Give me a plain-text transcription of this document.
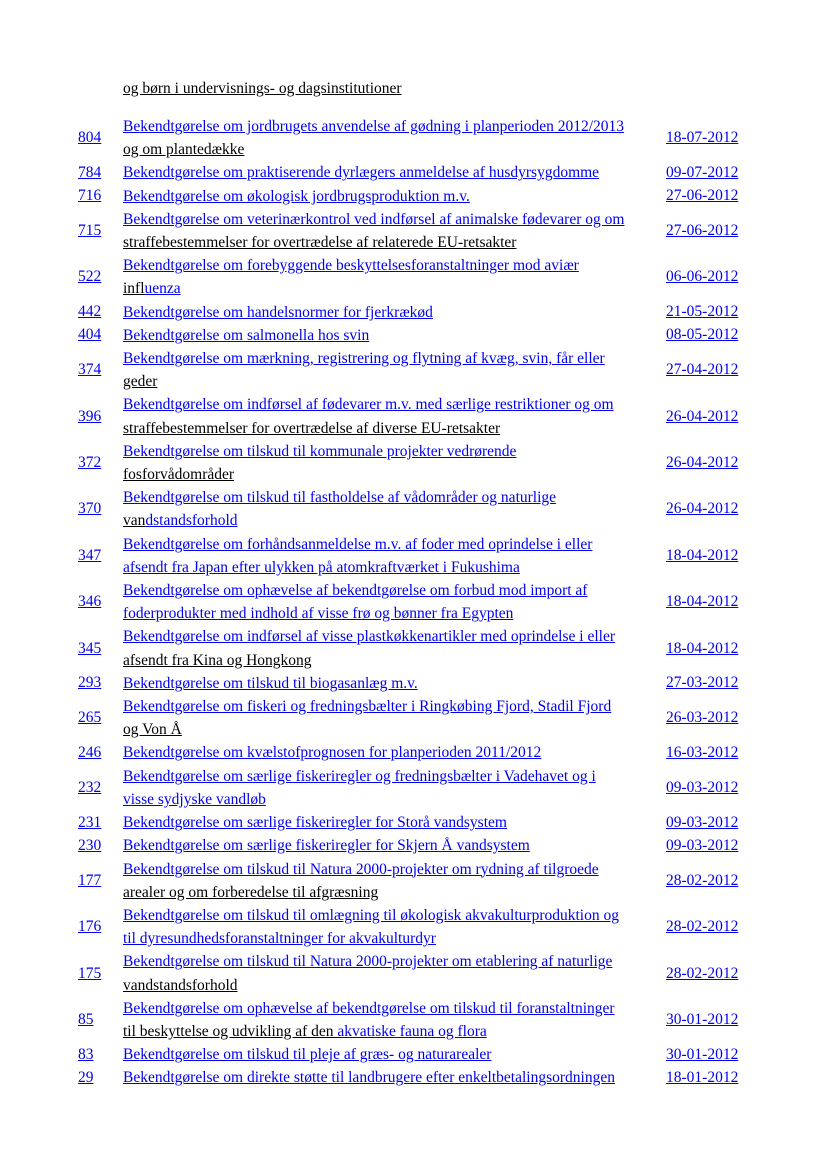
og børn i undervisnings- og dagsinstitutioner
804	Bekendtgørelse om jordbrugets anvendelse af gødning i planperioden 2012/2013
og om plantedække	18-07-2012
784	Bekendtgørelse om praktiserende dyrlægers anmeldelse af husdyrsygdomme	09-07-2012
716	Bekendtgørelse om økologisk jordbrugsproduktion m.v.	27-06-2012
715	Bekendtgørelse om veterinærkontrol ved indførsel af animalske fødevarer og om
straffebestemmelser for overtrædelse af relaterede EU-retsakter	27-06-2012
522	Bekendtgørelse om forebyggende beskyttelsesforanstaltninger mod aviær
influenza	06-06-2012
442	Bekendtgørelse om handelsnormer for fjerkrækød	21-05-2012
404	Bekendtgørelse om salmonella hos svin	08-05-2012
374	Bekendtgørelse om mærkning, registrering og flytning af kvæg, svin, får eller
geder	27-04-2012
396	Bekendtgørelse om indførsel af fødevarer m.v. med særlige restriktioner og om
straffebestemmelser for overtrædelse af diverse EU-retsakter	26-04-2012
372	Bekendtgørelse om tilskud til kommunale projekter vedrørende
fosforvådområder	26-04-2012
370	Bekendtgørelse om tilskud til fastholdelse af vådområder og naturlige
vandstandsforhold	26-04-2012
347	Bekendtgørelse om forhåndsanmeldelse m.v. af foder med oprindelse i eller
afsendt fra Japan efter ulykken på atomkraftværket i Fukushima	18-04-2012
346	Bekendtgørelse om ophævelse af bekendtgørelse om forbud mod import af
foderprodukter med indhold af visse frø og bønner fra Egypten	18-04-2012
345	Bekendtgørelse om indførsel af visse plastkøkkenartikler med oprindelse i eller
afsendt fra Kina og Hongkong	18-04-2012
293	Bekendtgørelse om tilskud til biogasanlæg m.v.	27-03-2012
265	Bekendtgørelse om fiskeri og fredningsbælter i Ringkøbing Fjord, Stadil Fjord
og Von Å	26-03-2012
246	Bekendtgørelse om kvælstofprognosen for planperioden 2011/2012	16-03-2012
232	Bekendtgørelse om særlige fiskeriregler og fredningsbælter i Vadehavet og i
visse sydjyske vandløb	09-03-2012
231	Bekendtgørelse om særlige fiskeriregler for Storå vandsystem	09-03-2012
230	Bekendtgørelse om særlige fiskeriregler for Skjern Å vandsystem	09-03-2012
177	Bekendtgørelse om tilskud til Natura 2000-projekter om rydning af tilgroede
arealer og om forberedelse til afgræsning	28-02-2012
176	Bekendtgørelse om tilskud til omlægning til økologisk akvakulturproduktion og
til dyresundhedsforanstaltninger for akvakulturdyr	28-02-2012
175	Bekendtgørelse om tilskud til Natura 2000-projekter om etablering af naturlige
vandstandsforhold	28-02-2012
85	Bekendtgørelse om ophævelse af bekendtgørelse om tilskud til foranstaltninger
til beskyttelse og udvikling af den akvatiske fauna og flora	30-01-2012
83	Bekendtgørelse om tilskud til pleje af græs- og naturarealer	30-01-2012
29	Bekendtgørelse om direkte støtte til landbrugere efter enkeltbetalingsordningen	18-01-2012
